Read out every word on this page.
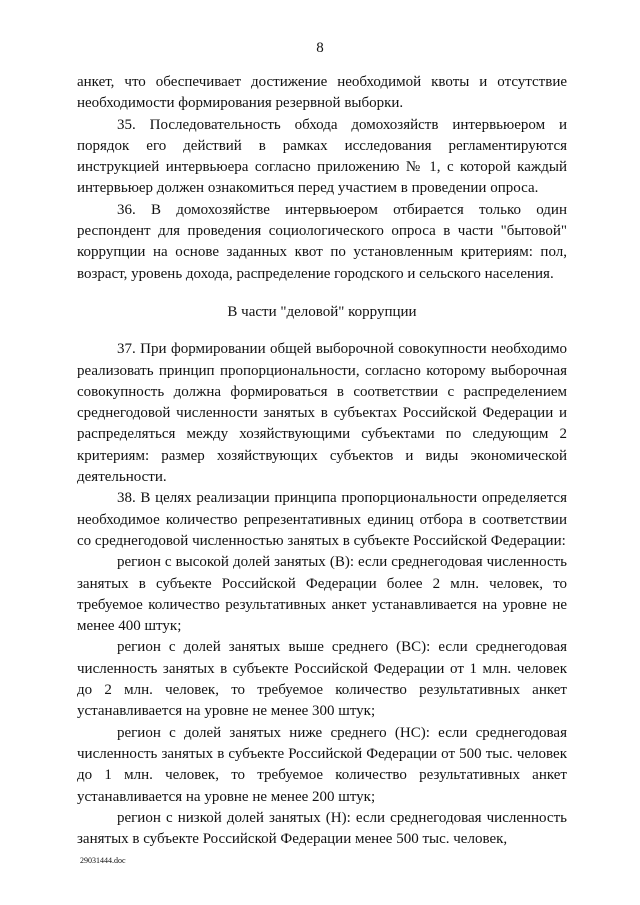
8

анкет, что обеспечивает достижение необходимой квоты и отсутствие необходимости формирования резервной выборки.

35. Последовательность обхода домохозяйств интервьюером и порядок его действий в рамках исследования регламентируются инструкцией интервьюера согласно приложению № 1, с которой каждый интервьюер должен ознакомиться перед участием в проведении опроса.

36. В домохозяйстве интервьюером отбирается только один респондент для проведения социологического опроса в части "бытовой" коррупции на основе заданных квот по установленным критериям: пол, возраст, уровень дохода, распределение городского и сельского населения.

В части "деловой" коррупции

37. При формировании общей выборочной совокупности необходимо реализовать принцип пропорциональности, согласно которому выборочная совокупность должна формироваться в соответствии с распределением среднегодовой численности занятых в субъектах Российской Федерации и распределяться между хозяйствующими субъектами по следующим 2 критериям: размер хозяйствующих субъектов и виды экономической деятельности.

38. В целях реализации принципа пропорциональности определяется необходимое количество репрезентативных единиц отбора в соответствии со среднегодовой численностью занятых в субъекте Российской Федерации:

регион с высокой долей занятых (В): если среднегодовая численность занятых в субъекте Российской Федерации более 2 млн. человек, то требуемое количество результативных анкет устанавливается на уровне не менее 400 штук;

регион с долей занятых выше среднего (ВС): если среднегодовая численность занятых в субъекте Российской Федерации от 1 млн. человек до 2 млн. человек, то требуемое количество результативных анкет устанавливается на уровне не менее 300 штук;

регион с долей занятых ниже среднего (НС): если среднегодовая численность занятых в субъекте Российской Федерации от 500 тыс. человек до 1 млн. человек, то требуемое количество результативных анкет устанавливается на уровне не менее 200 штук;

регион с низкой долей занятых (Н): если среднегодовая численность занятых в субъекте Российской Федерации менее 500 тыс. человек,

29031444.doc
